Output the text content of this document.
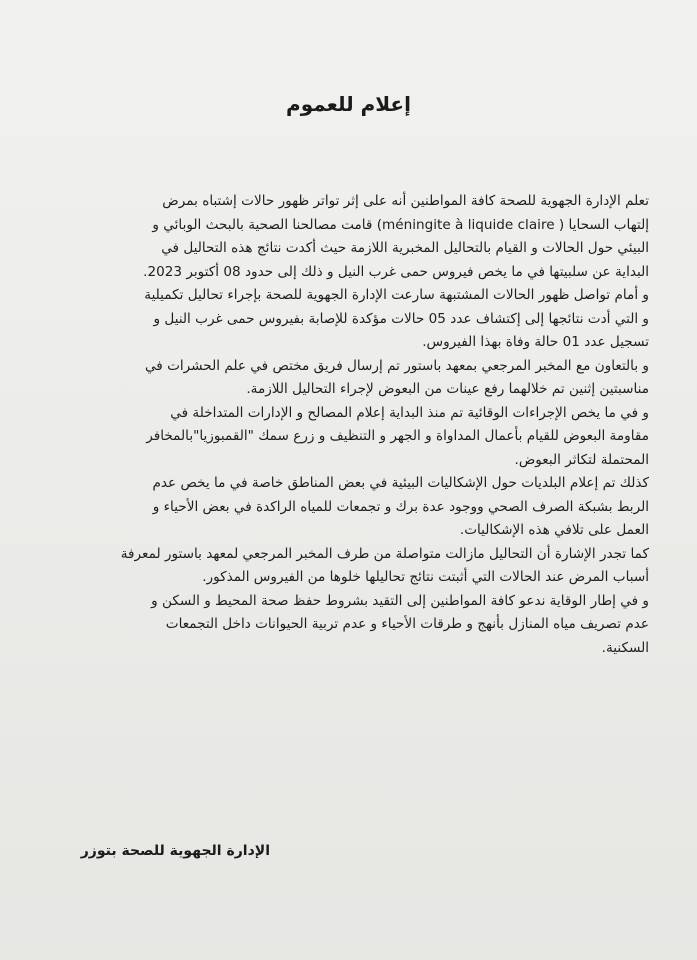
إعلام للعموم
تعلم الإدارة الجهوية للصحة كافة المواطنين أنه على إثر تواتر ظهور حالات إشتباه بمرض
إلتهاب السحايا ( méningite à liquide claire) قامت مصالحنا الصحية بالبحث الوبائي و
البيئي حول الحالات و القيام بالتحاليل المخبرية اللازمة حيث أكدت نتائج هذه التحاليل في
البداية عن سلبيتها في ما يخص فيروس حمى غرب النيل و ذلك إلى حدود 08 أكتوبر 2023.
و أمام تواصل ظهور الحالات المشتبهة سارعت الإدارة الجهوية للصحة بإجراء تحاليل تكميلية
و التي أدت نتائجها إلى إكتشاف عدد 05 حالات مؤكدة للإصابة بفيروس حمى غرب النيل و
تسجيل عدد 01 حالة وفاة بهذا الفيروس.
و بالتعاون مع المخبر المرجعي بمعهد باستور تم إرسال فريق مختص في علم الحشرات في
مناسبتين إثنين تم خلالهما رفع عينات من البعوض لإجراء التحاليل اللازمة.
و في ما يخص الإجراءات الوقائية تم منذ البداية إعلام المصالح و الإدارات المتداخلة في
مقاومة البعوض للقيام بأعمال المداواة و الجهر و التنظيف و زرع سمك "القمبوزيا"بالمخافر
المحتملة لتكاثر البعوض.
كذلك تم إعلام البلديات حول الإشكاليات البيئية في بعض المناطق خاصة في ما يخص عدم
الربط بشبكة الصرف الصحي ووجود عدة برك و تجمعات للمياه الراكدة في بعض الأحياء و
العمل على تلافي هذه الإشكاليات.
كما تجدر الإشارة أن التحاليل مازالت متواصلة من طرف المخبر المرجعي لمعهد باستور لمعرفة
أسباب المرض عند الحالات التي أثبتت نتائج تحاليلها خلوها من الفيروس المذكور.
و في إطار الوقاية ندعو كافة المواطنين إلى التقيد بشروط حفظ صحة المحيط و السكن و
عدم تصريف مياه المنازل بأنهج و طرقات الأحياء و عدم تربية الحيوانات داخل التجمعات
السكنية.
الإدارة الجهوية للصحة بتوزر
